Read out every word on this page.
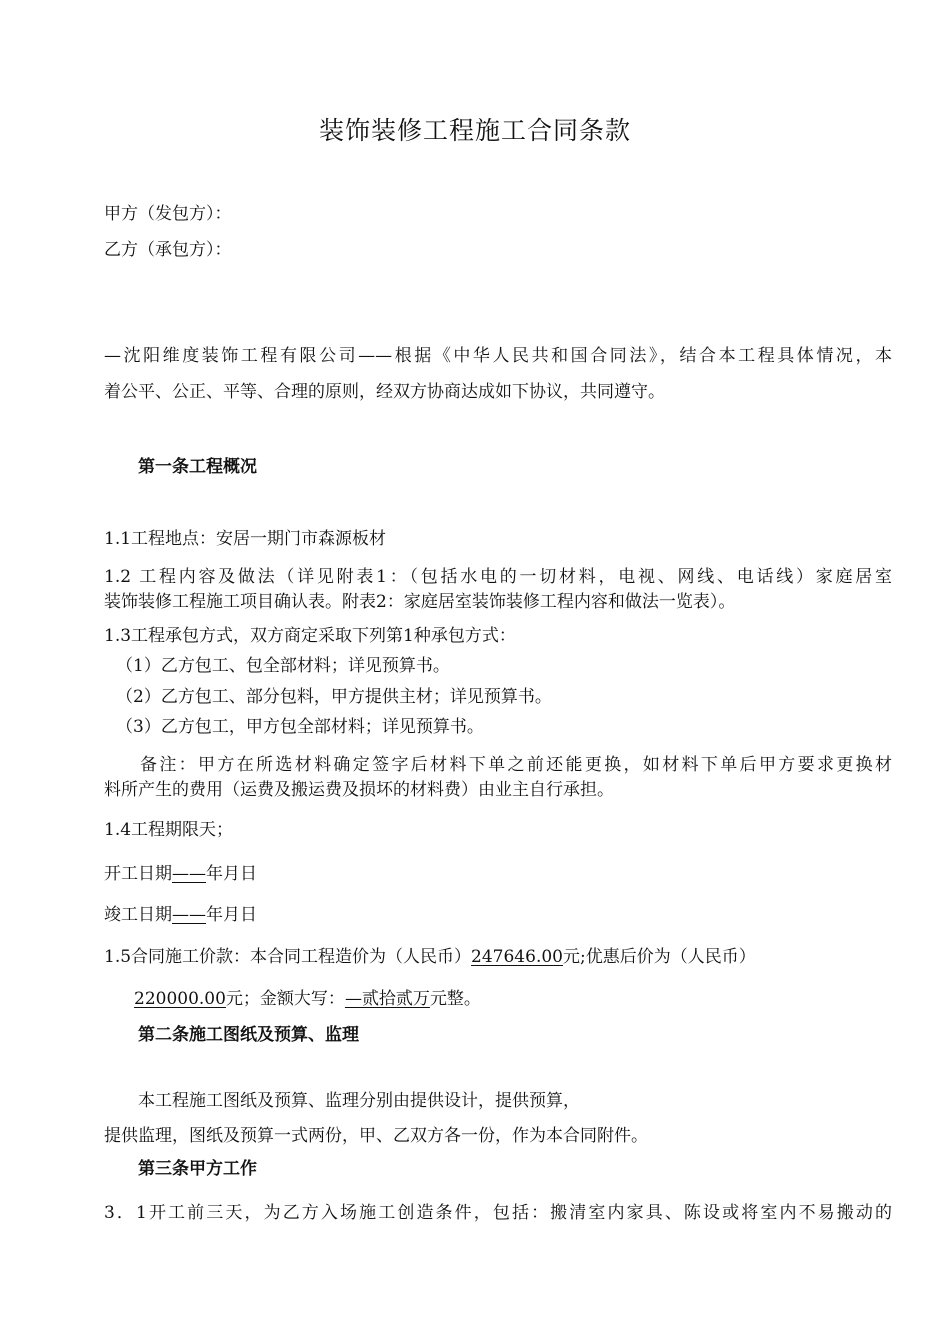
装饰装修工程施工合同条款
甲方（发包方）：
乙方（承包方）：
—沈阳维度装饰工程有限公司——根据《中华人民共和国合同法》，结合本工程具体情况，本
着公平、公正、平等、合理的原则，经双方协商达成如下协议，共同遵守。
第一条工程概况
1.1工程地点：安居一期门市森源板材
1.2 工程内容及做法（详见附表1：（包括水电的一切材料，电视、网线、电话线）家庭居室
装饰装修工程施工项目确认表。附表2：家庭居室装饰装修工程内容和做法一览表）。
1.3工程承包方式，双方商定采取下列第1种承包方式：
（1）乙方包工、包全部材料；详见预算书。
（2）乙方包工、部分包料，甲方提供主材；详见预算书。
（3）乙方包工，甲方包全部材料；详见预算书。
备注：甲方在所选材料确定签字后材料下单之前还能更换，如材料下单后甲方要求更换材
料所产生的费用（运费及搬运费及损坏的材料费）由业主自行承担。
1.4工程期限天；
开工日期——年月日
竣工日期——年月日
1.5合同施工价款：本合同工程造价为（人民币）247646.00元;优惠后价为（人民币）
220000.00元；金额大写：—贰拾贰万元整。
第二条施工图纸及预算、监理
本工程施工图纸及预算、监理分别由提供设计，提供预算，
提供监理，图纸及预算一式两份，甲、乙双方各一份，作为本合同附件。
第三条甲方工作
3．1开工前三天，为乙方入场施工创造条件，包括：搬清室内家具、陈设或将室内不易搬动的
